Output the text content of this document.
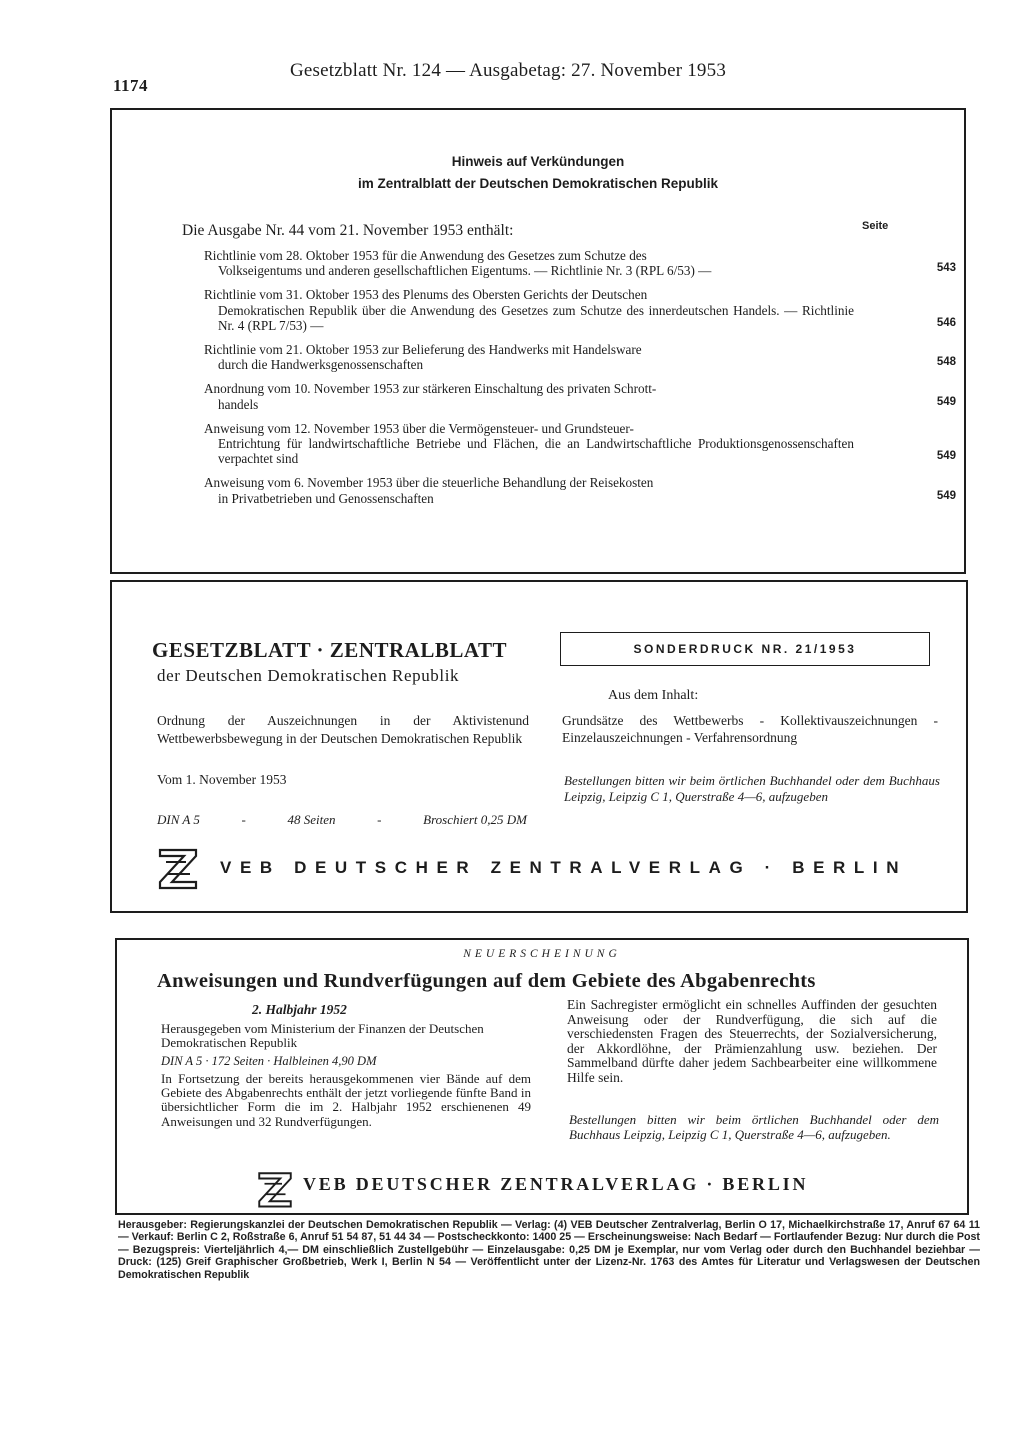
1174
Gesetzblatt Nr. 124 — Ausgabetag: 27. November 1953
Hinweis auf Verkündungen
im Zentralblatt der Deutschen Demokratischen Republik
Die Ausgabe Nr. 44 vom 21. November 1953 enthält:	Seite
Richtlinie vom 28. Oktober 1953 für die Anwendung des Gesetzes zum Schutze des
Volkseigentums und anderen gesellschaftlichen Eigentums. — Richtlinie Nr. 3 (RPL 6/53) —	543
Richtlinie vom 31. Oktober 1953 des Plenums des Obersten Gerichts der Deutschen
Demokratischen Republik über die Anwendung des Gesetzes zum Schutze des innerdeutschen Handels. — Richtlinie Nr. 4 (RPL 7/53) —	546
Richtlinie vom 21. Oktober 1953 zur Belieferung des Handwerks mit Handelsware
durch die Handwerksgenossenschaften	548
Anordnung vom 10. November 1953 zur stärkeren Einschaltung des privaten Schrott-
handels	549
Anweisung vom 12. November 1953 über die Vermögensteuer- und Grundsteuer-
Entrichtung für landwirtschaftliche Betriebe und Flächen, die an Landwirtschaftliche Produktionsgenossenschaften verpachtet sind	549
Anweisung vom 6. November 1953 über die steuerliche Behandlung der Reisekosten
in Privatbetrieben und Genossenschaften	549
GESETZBLATT · ZENTRALBLATT
der Deutschen Demokratischen Republik
Ordnung der Auszeichnungen in der Aktivistenund Wettbewerbsbewegung in der Deutschen Demokratischen Republik
Vom 1. November 1953
DIN A 5	-	48 Seiten	-	Broschiert 0,25 DM
SONDERDRUCK NR. 21/1953
Aus dem Inhalt:
Grundsätze des Wettbewerbs - Kollektivauszeichnungen - Einzelauszeichnungen - Verfahrensordnung
Bestellungen bitten wir beim örtlichen Buchhandel oder dem Buchhaus Leipzig, Leipzig C 1, Querstraße 4—6, aufzugeben
VEB DEUTSCHER ZENTRALVERLAG · BERLIN
NEUERSCHEINUNG
Anweisungen und Rundverfügungen auf dem Gebiete des Abgabenrechts
2. Halbjahr 1952
Herausgegeben vom Ministerium der Finanzen der Deutschen Demokratischen Republik
DIN A 5 · 172 Seiten · Halbleinen 4,90 DM
In Fortsetzung der bereits herausgekommenen vier Bände auf dem Gebiete des Abgabenrechts enthält der jetzt vorliegende fünfte Band in übersichtlicher Form die im 2. Halbjahr 1952 erschienenen 49 Anweisungen und 32 Rundverfügungen.
Ein Sachregister ermöglicht ein schnelles Auffinden der gesuchten Anweisung oder der Rundverfügung, die sich auf die verschiedensten Fragen des Steuerrechts, der Sozialversicherung, der Akkordlöhne, der Prämienzahlung usw. beziehen. Der Sammelband dürfte daher jedem Sachbearbeiter eine willkommene Hilfe sein.
Bestellungen bitten wir beim örtlichen Buchhandel oder dem Buchhaus Leipzig, Leipzig C 1, Querstraße 4—6, aufzugeben.
VEB DEUTSCHER ZENTRALVERLAG · BERLIN
Herausgeber: Regierungskanzlei der Deutschen Demokratischen Republik — Verlag: (4) VEB Deutscher Zentralverlag, Berlin O 17, Michaelkirchstraße 17, Anruf 67 64 11 — Verkauf: Berlin C 2, Roßstraße 6, Anruf 51 54 87, 51 44 34 — Postscheckkonto: 1400 25 — Erscheinungsweise: Nach Bedarf — Fortlaufender Bezug: Nur durch die Post — Bezugspreis: Vierteljährlich 4,— DM einschließlich Zustellgebühr — Einzelausgabe: 0,25 DM je Exemplar, nur vom Verlag oder durch den Buchhandel beziehbar — Druck: (125) Greif Graphischer Großbetrieb, Werk I, Berlin N 54 — Veröffentlicht unter der Lizenz-Nr. 1763 des Amtes für Literatur und Verlagswesen der Deutschen Demokratischen Republik
